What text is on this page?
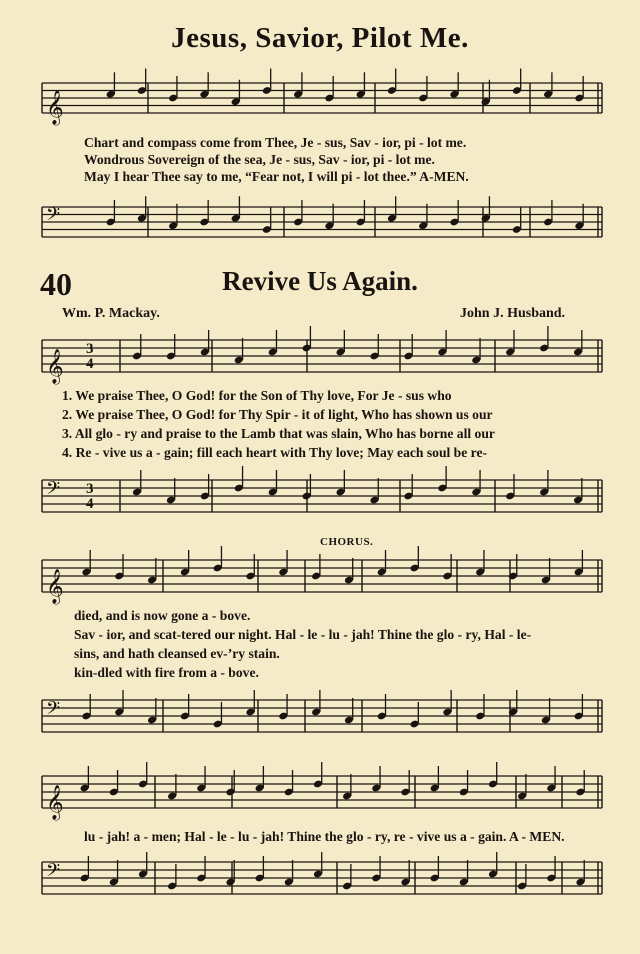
𝄞
𝄢
𝄞 3
4
𝄢 3
4
𝄞
𝄢
𝄞
𝄢
Jesus, Savior, Pilot Me.
Chart and compass come from Thee, Je - sus, Sav - ior, pi - lot me.
Wondrous Sovereign of the sea, Je - sus, Sav - ior, pi - lot me.
May I hear Thee say to me, “Fear not, I will pi - lot thee.” A-MEN.
40	Revive Us Again.
Wm. P. Mackay.	John J. Husband.
1. We praise Thee, O God! for the Son of Thy love, For Je - sus who
2. We praise Thee, O God! for Thy Spir - it of light, Who has shown us our
3. All glo - ry and praise to the Lamb that was slain, Who has borne all our
4. Re - vive us a - gain; fill each heart with Thy love; May each soul be re-
CHORUS.
died, and is now gone a - bove.
Sav - ior, and scat-tered our night. Hal - le - lu - jah! Thine the glo - ry, Hal - le-
sins, and hath cleansed ev-’ry stain.
kin-dled with fire from a - bove.
lu - jah! a - men; Hal - le - lu - jah! Thine the glo - ry, re - vive us a - gain. A - MEN.
